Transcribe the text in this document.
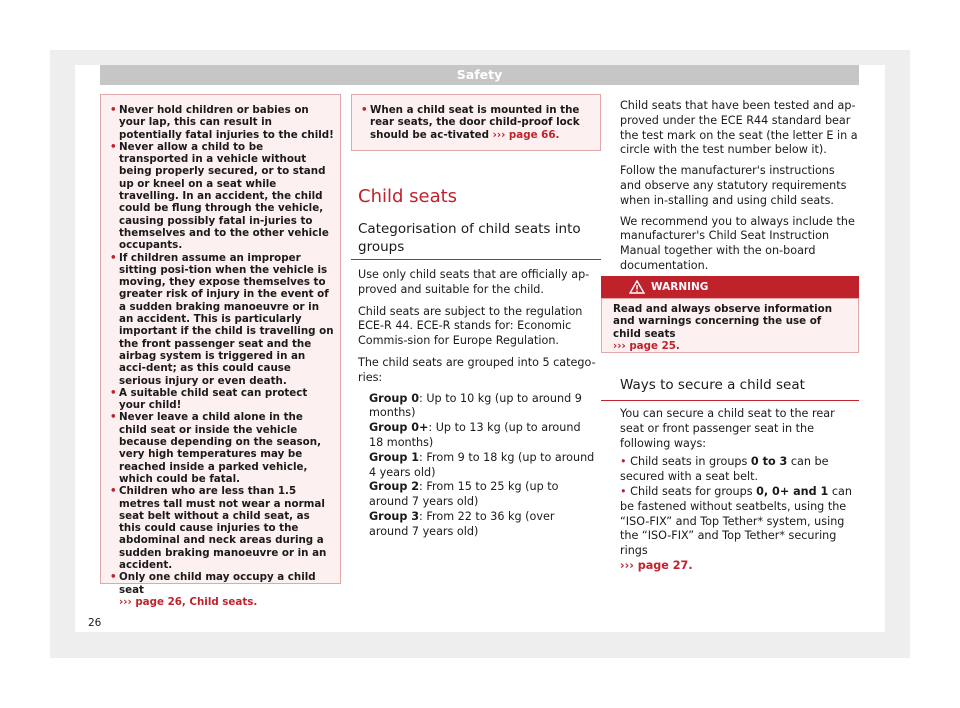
Safety

• Never hold children or babies on your lap, this can result in potentially fatal injuries to the child!

• Never allow a child to be transported in a vehicle without being properly secured, or to stand up or kneel on a seat while travelling. In an accident, the child could be flung through the vehicle, causing possibly fatal in-juries to themselves and to the other vehicle occupants.

• If children assume an improper sitting posi-tion when the vehicle is moving, they expose themselves to greater risk of injury in the event of a sudden braking manoeuvre or in an accident. This is particularly important if the child is travelling on the front passenger seat and the airbag system is triggered in an acci-dent; as this could cause serious injury or even death.

• A suitable child seat can protect your child!

• Never leave a child alone in the child seat or inside the vehicle because depending on the season, very high temperatures may be reached inside a parked vehicle, which could be fatal.

• Children who are less than 1.5 metres tall must not wear a normal seat belt without a child seat, as this could cause injuries to the abdominal and neck areas during a sudden braking manoeuvre or in an accident.

• Only one child may occupy a child seat
››› page 26, Child seats.

• When a child seat is mounted in the rear seats, the door child-proof lock should be ac-tivated ››› page 66.

Child seats
Categorisation of child seats into groups

Use only child seats that are officially ap-proved and suitable for the child.

Child seats are subject to the regulation ECE-R 44. ECE-R stands for: Economic Commis-sion for Europe Regulation.

The child seats are grouped into 5 catego-ries:

Group 0: Up to 10 kg (up to around 9 months)

Group 0+: Up to 13 kg (up to around 18 months)

Group 1: From 9 to 18 kg (up to around 4 years old)

Group 2: From 15 to 25 kg (up to around 7 years old)

Group 3: From 22 to 36 kg (over around 7 years old)

Child seats that have been tested and ap-proved under the ECE R44 standard bear the test mark on the seat (the letter E in a circle with the test number below it).

Follow the manufacturer's instructions and observe any statutory requirements when in-stalling and using child seats.

We recommend you to always include the manufacturer's Child Seat Instruction Manual together with the on-board documentation.

WARNING

Read and always observe information and warnings concerning the use of child seats
››› page 25.

Ways to secure a child seat

You can secure a child seat to the rear seat or front passenger seat in the following ways:

• Child seats in groups 0 to 3 can be secured with a seat belt.

• Child seats for groups 0, 0+ and 1 can be fastened without seatbelts, using the “ISO-FIX” and Top Tether* system, using the “ISO-FIX” and Top Tether* securing rings
››› page 27.

26
